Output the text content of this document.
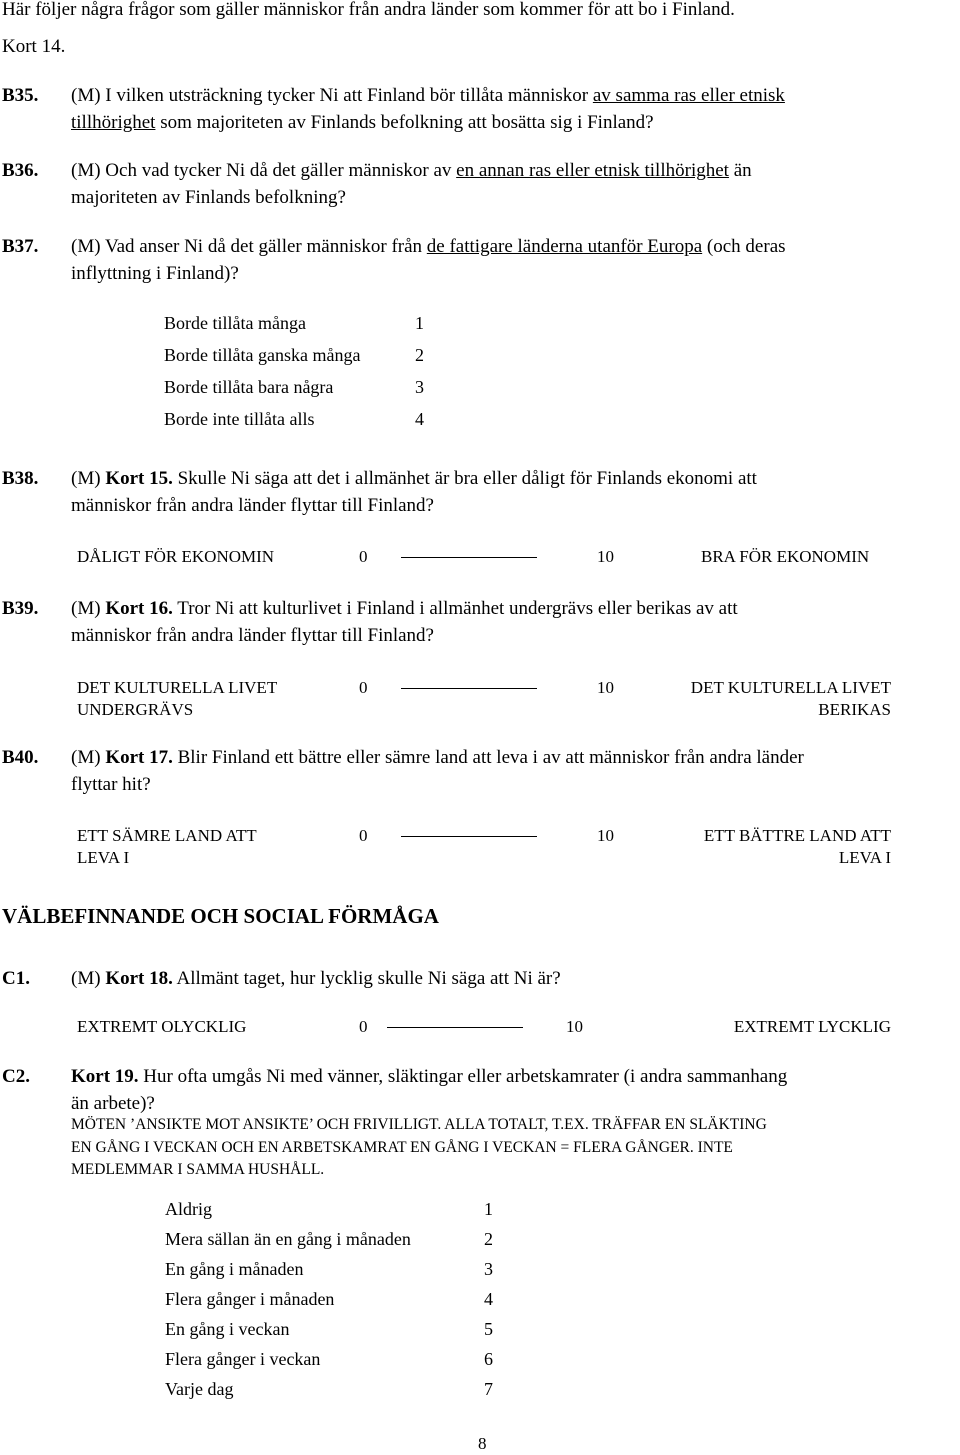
Här följer några frågor som gäller människor från andra länder som kommer för att bo i Finland.
Kort 14.
B35. (M) I vilken utsträckning tycker Ni att Finland bör tillåta människor av samma ras eller etnisk
tillhörighet som majoriteten av Finlands befolkning att bosätta sig i Finland?
B36. (M) Och vad tycker Ni då det gäller människor av en annan ras eller etnisk tillhörighet än
majoriteten av Finlands befolkning?
B37. (M) Vad anser Ni då det gäller människor från de fattigare länderna utanför Europa (och deras
inflyttning i Finland)?
Borde tillåta många	1
Borde tillåta ganska många	2
Borde tillåta bara några	3
Borde inte tillåta alls	4
B38. (M) Kort 15. Skulle Ni säga att det i allmänhet är bra eller dåligt för Finlands ekonomi att
människor från andra länder flyttar till Finland?
DÅLIGT FÖR EKONOMIN	0	10	BRA FÖR EKONOMIN
B39. (M) Kort 16. Tror Ni att kulturlivet i Finland i allmänhet undergrävs eller berikas av att
människor från andra länder flyttar till Finland?
DET KULTURELLA LIVET
UNDERGRÄVS
0	10	DET KULTURELLA LIVET
BERIKAS
B40. (M) Kort 17. Blir Finland ett bättre eller sämre land att leva i av att människor från andra länder
flyttar hit?
ETT SÄMRE LAND ATT
LEVA I
0	10	ETT BÄTTRE LAND ATT
LEVA I
VÄLBEFINNANDE OCH SOCIAL FÖRMÅGA
C1. (M) Kort 18. Allmänt taget, hur lycklig skulle Ni säga att Ni är?
EXTREMT OLYCKLIG	0	10	EXTREMT LYCKLIG
C2. Kort 19. Hur ofta umgås Ni med vänner, släktingar eller arbetskamrater (i andra sammanhang
än arbete)?
MÖTEN ’ANSIKTE MOT ANSIKTE’ OCH FRIVILLIGT. ALLA TOTALT, T.EX. TRÄFFAR EN SLÄKTING
EN GÅNG I VECKAN OCH EN ARBETSKAMRAT EN GÅNG I VECKAN = FLERA GÅNGER. INTE
MEDLEMMAR I SAMMA HUSHÅLL.
Aldrig	1
Mera sällan än en gång i månaden	2
En gång i månaden	3
Flera gånger i månaden	4
En gång i veckan	5
Flera gånger i veckan	6
Varje dag	7
8
